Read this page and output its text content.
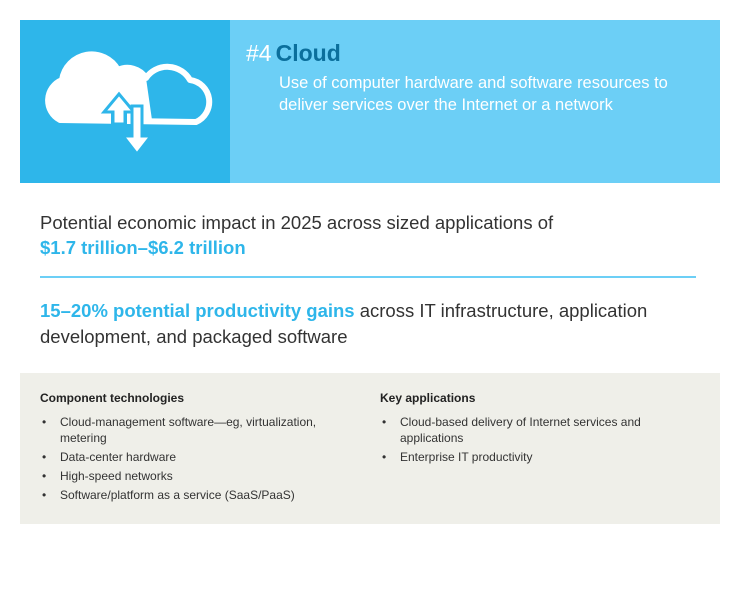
#4 Cloud
Use of computer hardware and software resources to deliver services over the Internet or a network
Potential economic impact in 2025 across sized applications of
$1.7 trillion–$6.2 trillion
15–20% potential productivity gains across IT infrastructure, application development, and packaged software
Component technologies
• Cloud-management software—eg, virtualization, metering
• Data-center hardware
• High-speed networks
• Software/platform as a service (SaaS/PaaS)
Key applications
• Cloud-based delivery of Internet services and applications
• Enterprise IT productivity
